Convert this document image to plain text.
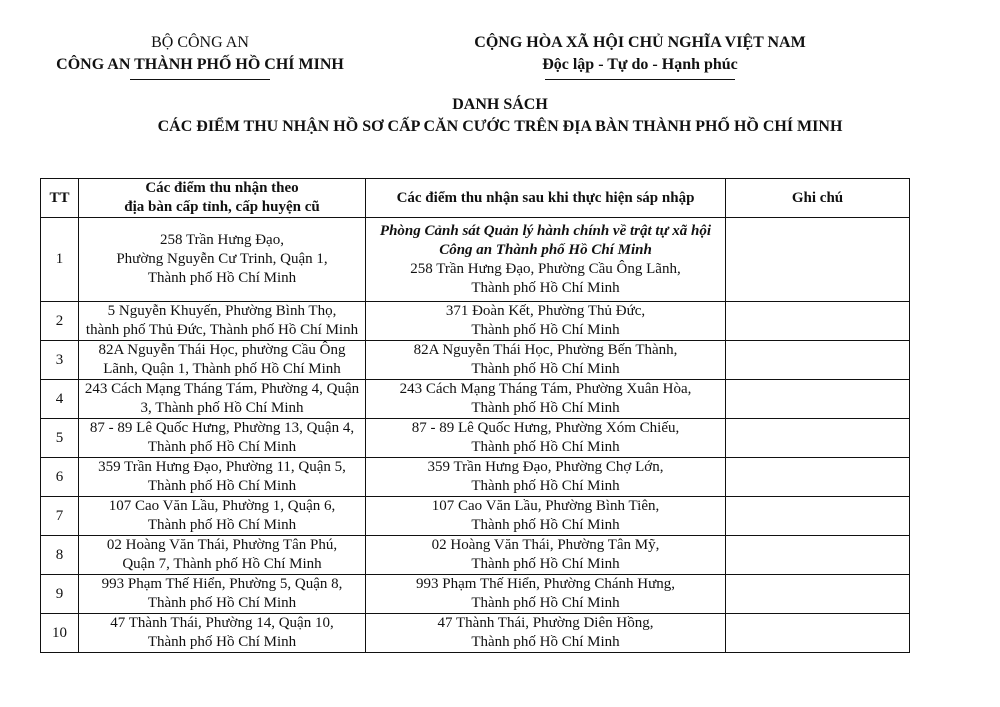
BỘ CÔNG AN
CÔNG AN THÀNH PHỐ HỒ CHÍ MINH
CỘNG HÒA XÃ HỘI CHỦ NGHĨA VIỆT NAM
Độc lập - Tự do - Hạnh phúc
DANH SÁCH
CÁC ĐIỂM THU NHẬN HỒ SƠ CẤP CĂN CƯỚC TRÊN ĐỊA BÀN THÀNH PHỐ HỒ CHÍ MINH
TT	Các điểm thu nhận theo
địa bàn cấp tỉnh, cấp huyện cũ	Các điểm thu nhận sau khi thực hiện sáp nhập	Ghi chú
1	258 Trần Hưng Đạo,
Phường Nguyễn Cư Trinh, Quận 1,
Thành phố Hồ Chí Minh	Phòng Cảnh sát Quản lý hành chính về trật tự xã hội
Công an Thành phố Hồ Chí Minh
258 Trần Hưng Đạo, Phường Cầu Ông Lãnh,
Thành phố Hồ Chí Minh	

2	5 Nguyễn Khuyến, Phường Bình Thọ,
thành phố Thủ Đức, Thành phố Hồ Chí Minh	371 Đoàn Kết, Phường Thủ Đức,
Thành phố Hồ Chí Minh	

3	82A Nguyễn Thái Học, phường Cầu Ông
Lãnh, Quận 1, Thành phố Hồ Chí Minh	82A Nguyễn Thái Học, Phường Bến Thành,
Thành phố Hồ Chí Minh	

4	243 Cách Mạng Tháng Tám, Phường 4, Quận
3, Thành phố Hồ Chí Minh	243 Cách Mạng Tháng Tám, Phường Xuân Hòa,
Thành phố Hồ Chí Minh	

5	87 - 89 Lê Quốc Hưng, Phường 13, Quận 4,
Thành phố Hồ Chí Minh	87 - 89 Lê Quốc Hưng, Phường Xóm Chiếu,
Thành phố Hồ Chí Minh	

6	359 Trần Hưng Đạo, Phường 11, Quận 5,
Thành phố Hồ Chí Minh	359 Trần Hưng Đạo, Phường Chợ Lớn,
Thành phố Hồ Chí Minh	

7	107 Cao Văn Lầu, Phường 1, Quận 6,
Thành phố Hồ Chí Minh	107 Cao Văn Lầu, Phường Bình Tiên,
Thành phố Hồ Chí Minh	

8	02 Hoàng Văn Thái, Phường Tân Phú,
Quận 7, Thành phố Hồ Chí Minh	02 Hoàng Văn Thái, Phường Tân Mỹ,
Thành phố Hồ Chí Minh	

9	993 Phạm Thế Hiển, Phường 5, Quận 8,
Thành phố Hồ Chí Minh	993 Phạm Thế Hiển, Phường Chánh Hưng,
Thành phố Hồ Chí Minh	

10	47 Thành Thái, Phường 14, Quận 10,
Thành phố Hồ Chí Minh	47 Thành Thái, Phường Diên Hồng,
Thành phố Hồ Chí Minh	
